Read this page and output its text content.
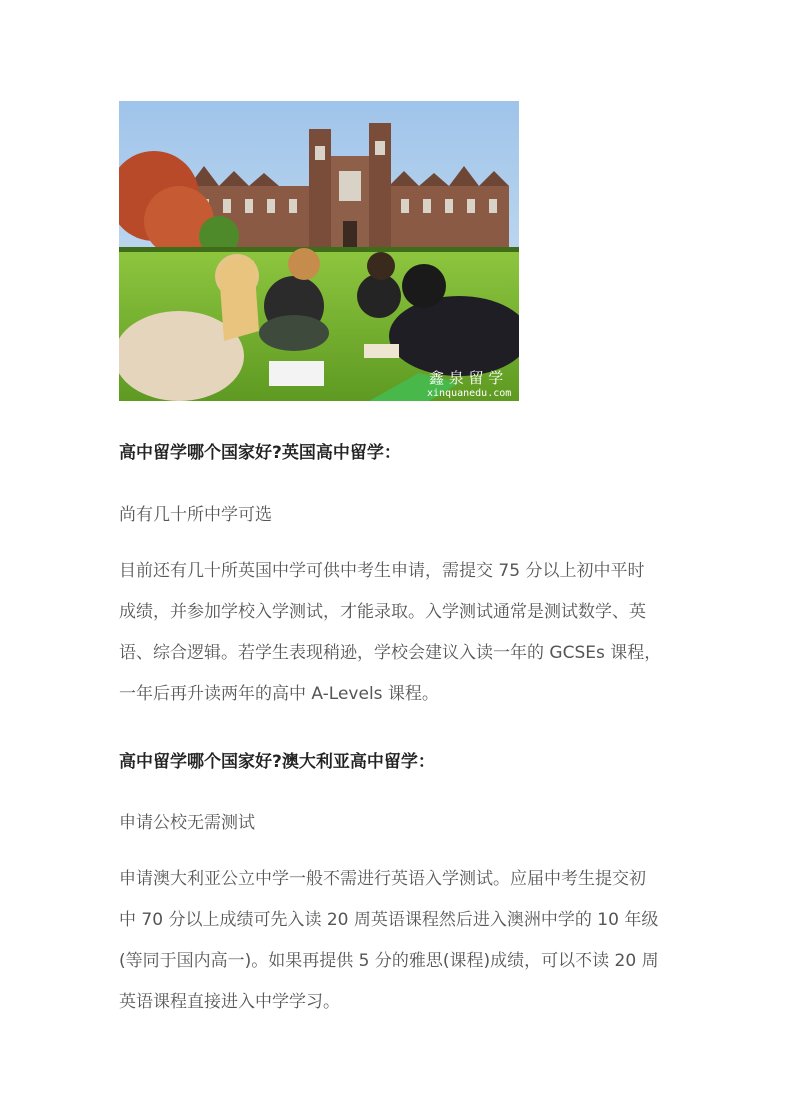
鑫 泉 留 学
xinquanedu.com
高中留学哪个国家好?英国高中留学：
尚有几十所中学可选
目前还有几十所英国中学可供中考生申请，需提交 75 分以上初中平时
成绩，并参加学校入学测试，才能录取。入学测试通常是测试数学、英
语、综合逻辑。若学生表现稍逊，学校会建议入读一年的 GCSEs 课程，
一年后再升读两年的高中 A-Levels 课程。
高中留学哪个国家好?澳大利亚高中留学：
申请公校无需测试
申请澳大利亚公立中学一般不需进行英语入学测试。应届中考生提交初
中 70 分以上成绩可先入读 20 周英语课程然后进入澳洲中学的 10 年级
(等同于国内高一)。如果再提供 5 分的雅思(课程)成绩，可以不读 20 周
英语课程直接进入中学学习。
